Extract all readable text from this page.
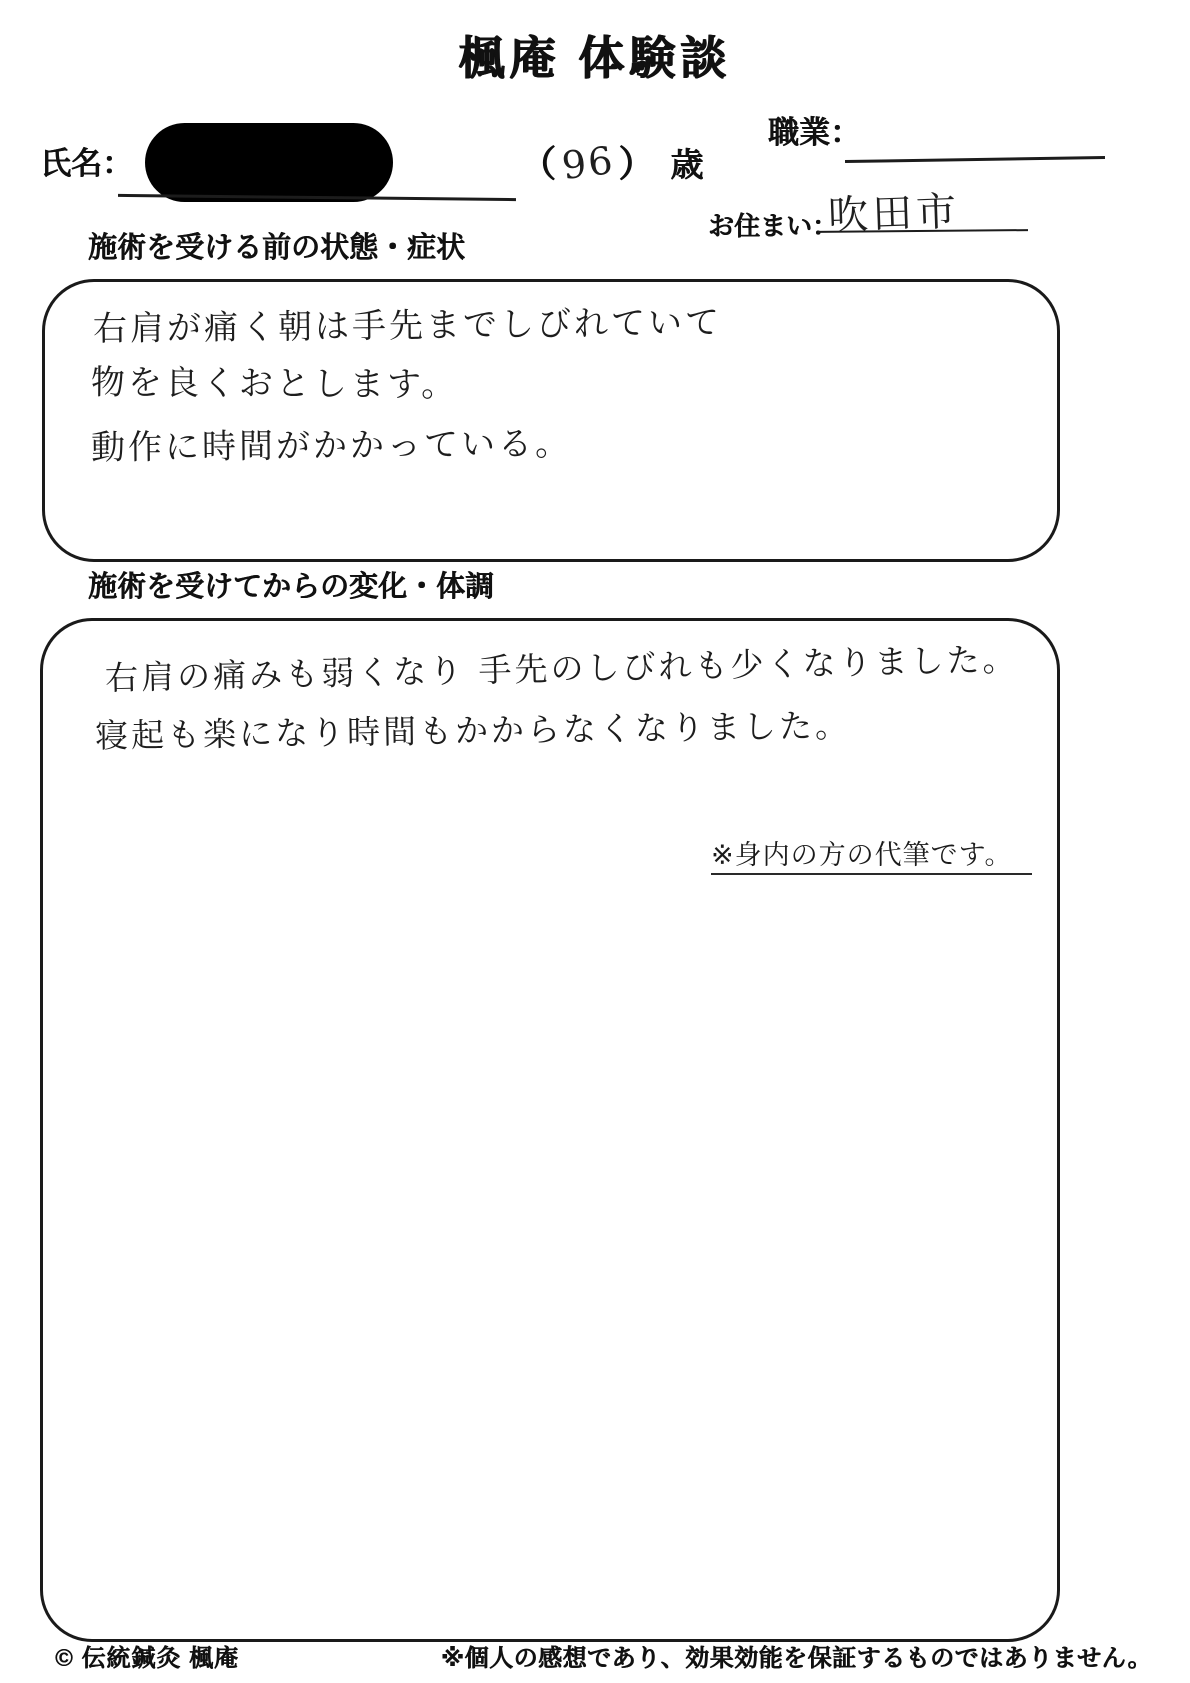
楓庵 体験談
氏名：	（96） 歳
職業：
お住まい：
吹田市
施術を受ける前の状態・症状

右肩が痛く朝は手先までしびれていて

物を良くおとします。

動作に時間がかかっている。

施術を受けてからの変化・体調

右肩の痛みも弱くなり 手先のしびれも少くなりました。

寝起も楽になり時間もかからなくなりました。

※身内の方の代筆です。

© 伝統鍼灸 楓庵	※個人の感想であり、効果効能を保証するものではありません。
